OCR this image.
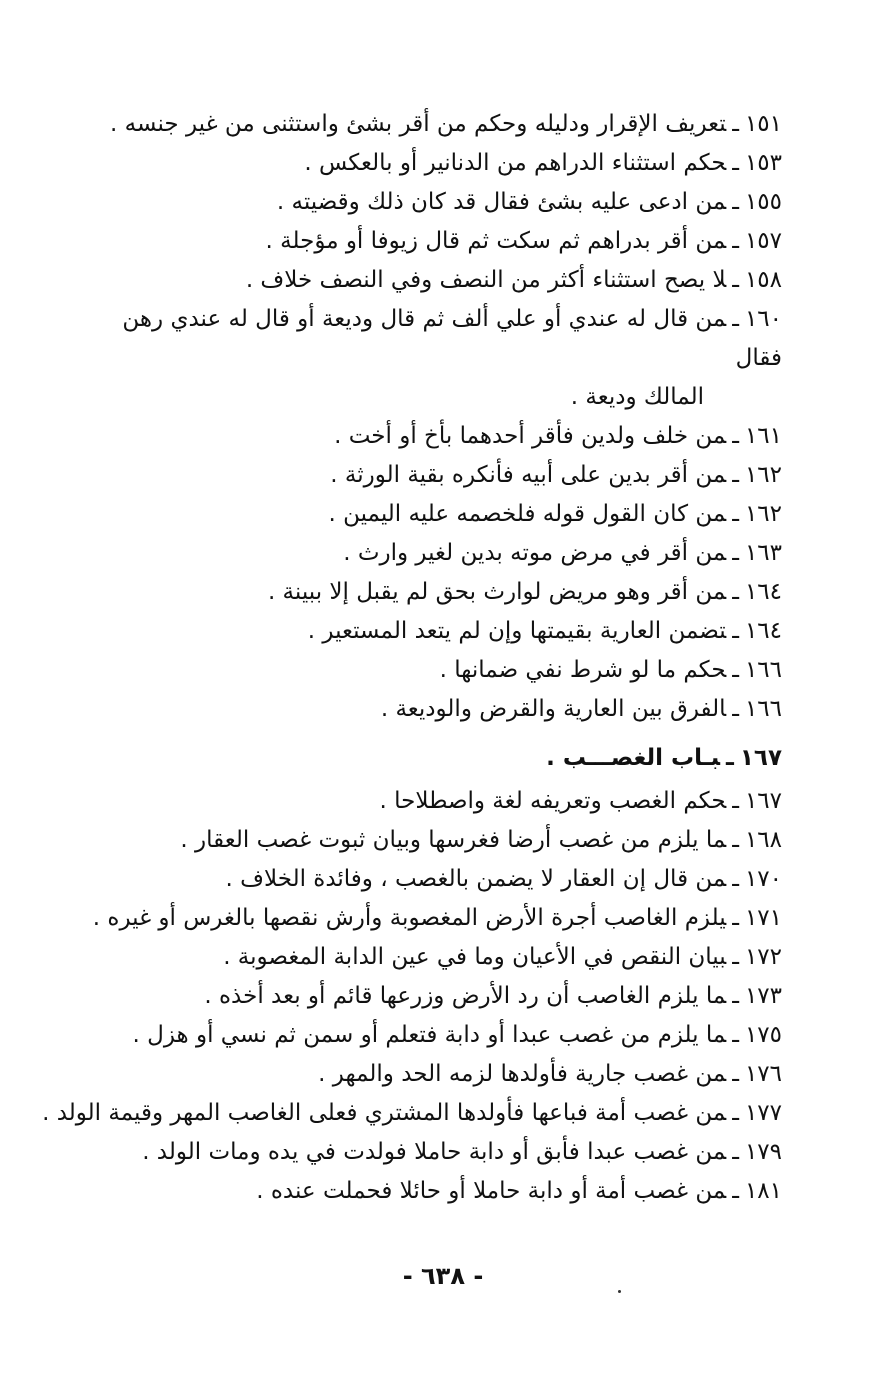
١٥١ـتعريف الإقرار ودليله وحكم من أقر بشئ واستثنى من غير جنسه .
١٥٣ـحكم استثناء الدراهم من الدنانير أو بالعكس .
١٥٥ـمن ادعى عليه بشئ فقال قد كان ذلك وقضيته .
١٥٧ـمن أقر بدراهم ثم سكت ثم قال زيوفا أو مؤجلة .
١٥٨ـلا يصح استثناء أكثر من النصف وفي النصف خلاف .
١٦٠ـمن قال له عندي أو علي ألف ثم قال وديعة أو قال له عندي رهن فقال
المالك وديعة .
١٦١ـمن خلف ولدين فأقر أحدهما بأخ أو أخت .
١٦٢ـمن أقر بدين على أبيه فأنكره بقية الورثة .
١٦٢ـمن كان القول قوله فلخصمه عليه اليمين .
١٦٣ـمن أقر في مرض موته بدين لغير وارث .
١٦٤ـمن أقر وهو مريض لوارث بحق لم يقبل إلا ببينة .
١٦٤ـتضمن العارية بقيمتها وإن لم يتعد المستعير .
١٦٦ـحكم ما لو شرط نفي ضمانها .
١٦٦ـالفرق بين العارية والقرض والوديعة .
١٦٧ـبـاب الغصـــب .
١٦٧ـحكم الغصب وتعريفه لغة واصطلاحا .
١٦٨ـما يلزم من غصب أرضا فغرسها وبيان ثبوت غصب العقار .
١٧٠ـمن قال إن العقار لا يضمن بالغصب ، وفائدة الخلاف .
١٧١ـيلزم الغاصب أجرة الأرض المغصوبة وأرش نقصها بالغرس أو غيره .
١٧٢ـبيان النقص في الأعيان وما في عين الدابة المغصوبة .
١٧٣ـما يلزم الغاصب أن رد الأرض وزرعها قائم أو بعد أخذه .
١٧٥ـما يلزم من غصب عبدا أو دابة فتعلم أو سمن ثم نسي أو هزل .
١٧٦ـمن غصب جارية فأولدها لزمه الحد والمهر .
١٧٧ـمن غصب أمة فباعها فأولدها المشتري فعلى الغاصب المهر وقيمة الولد .
١٧٩ـمن غصب عبدا فأبق أو دابة حاملا فولدت في يده ومات الولد .
١٨١ـمن غصب أمة أو دابة حاملا أو حائلا فحملت عنده .
- ٦٣٨ -
